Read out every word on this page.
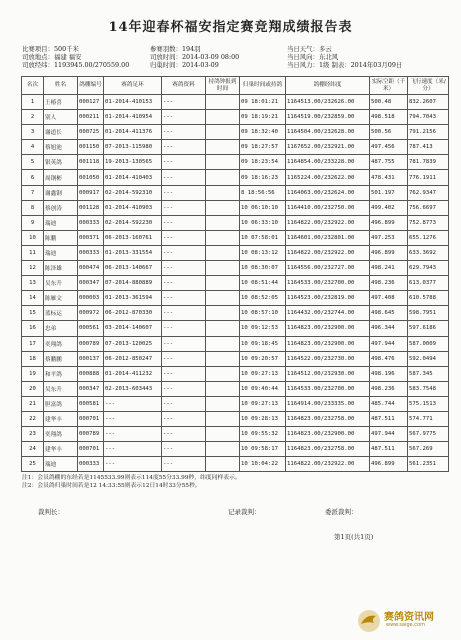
14年迎春杯福安指定赛竞翔成绩报告表
比赛项目：500千米
司放地点：福建 福安
司放经纬：1193945.00/270559.00
参赛羽数：194羽
司放时间：2014-03-09 08:00
归巢时间：2014-03-09
当日天气：多云
当日风向：东北风
当日风力：1级 制表：2014年03月09日
名次	姓名	鸽棚编号	赛鸽足环	赛鸽资料	持鸽钟报到时间	归巢时间或持鸽	鸽棚经纬度	实际空距（千米）	飞行速度（米/分）
1	王椿喜	000127	01-2014-410153	---		09 18:01:21	1164513.00/232626.00	500.48	832.2607
2	别人	000211	01-2014-410954	---		09 18:19:21	1164519.00/232859.00	498.518	794.7043
3	谢道长	000725	01-2014-411376	---		09 18:32:40	1164504.00/232628.00	500.56	791.2156
4	蔡旭池	001150	07-2013-115980	---		09 18:27:57	1167652.00/232921.00	497.456	787.413
5	银英鸽	001118	19-2013-130565	---		09 18:23:54	1164854.00/233228.00	487.755	781.7839
6	周钢彬	001050	01-2014-410403	---		09 18:16:23	1165224.00/232622.00	478.431	776.1911
7	谢鑫钢	000917	02-2014-592310	---		8 18:56:56	1164063.00/232624.00	501.197	762.9347
8	蔡创涛	001128	01-2014-410903	---		10 06:10:10	1164410.00/232750.00	499.402	756.6697
9	瑞迪	000333	02-2014-592230	---		10 06:33:10	1164822.00/232922.00	496.899	752.8773
10	陈鹏	000371	06-2013-160761	---		10 07:58:01	1164601.00/232801.00	497.253	655.1276
11	瑞迪	000333	01-2013-331554	---		10 08:13:12	1164822.00/232922.00	496.899	633.3692
12	陈泽雄	000474	06-2013-140667	---		10 08:30:07	1164556.00/232727.00	498.241	629.7943
13	吴东升	000347	07-2014-880889	---		10 08:51:44	1164533.00/232700.00	498.236	613.0377
14	陈雁文	000003	01-2013-361594	---		10 08:52:05	1164523.00/232819.00	497.408	610.5788
15	蓝标运	000972	06-2012-870330	---		10 08:57:10	1164432.00/232744.00	498.645	598.7951
16	忠弟	000561	03-2014-140607	---		10 09:12:53	1164823.00/232900.00	496.344	597.6186
17	奕翔鸽	000789	07-2013-120025	---		10 09:18:45	1164823.00/232900.00	497.944	587.0009
18	蔡鹏鹏	000137	06-2012-850247	---		10 09:20:57	1164522.00/232730.00	498.476	592.0494
19	和平鸽	000888	01-2014-411232	---		10 09:27:13	1164512.00/232930.00	498.196	587.345
20	吴东升	000347	02-2013-603443	---		10 09:40:44	1164533.00/232700.00	498.236	583.7548
21	胆富鸽	000581	---	---		10 09:27:13	1164914.00/233335.00	485.744	575.1513
22	建华丰	000701	---	---		10 09:28:13	1164823.00/232758.00	487.511	574.771
23	奕翔鸽	000789	---	---		10 09:55:32	1164823.00/232900.00	497.944	567.9775
24	建华丰	000701	---	---		10 09:58:17	1164823.00/232758.00	487.511	567.269
25	瑞迪	000333	---	---		10 10:04:22	1164822.00/232922.00	496.899	561.2351
注1：会员鸽棚的东经若是1145533.99则表示114度55分33.99秒，纬度同样表示。
注2：会员鸽归巢时间若是12 14:33:55则表示12日14时33分55秒。
裁判长：	记录裁判：	委派裁判：
第1页(共1页)
赛鸽资讯网
www.saige.com
